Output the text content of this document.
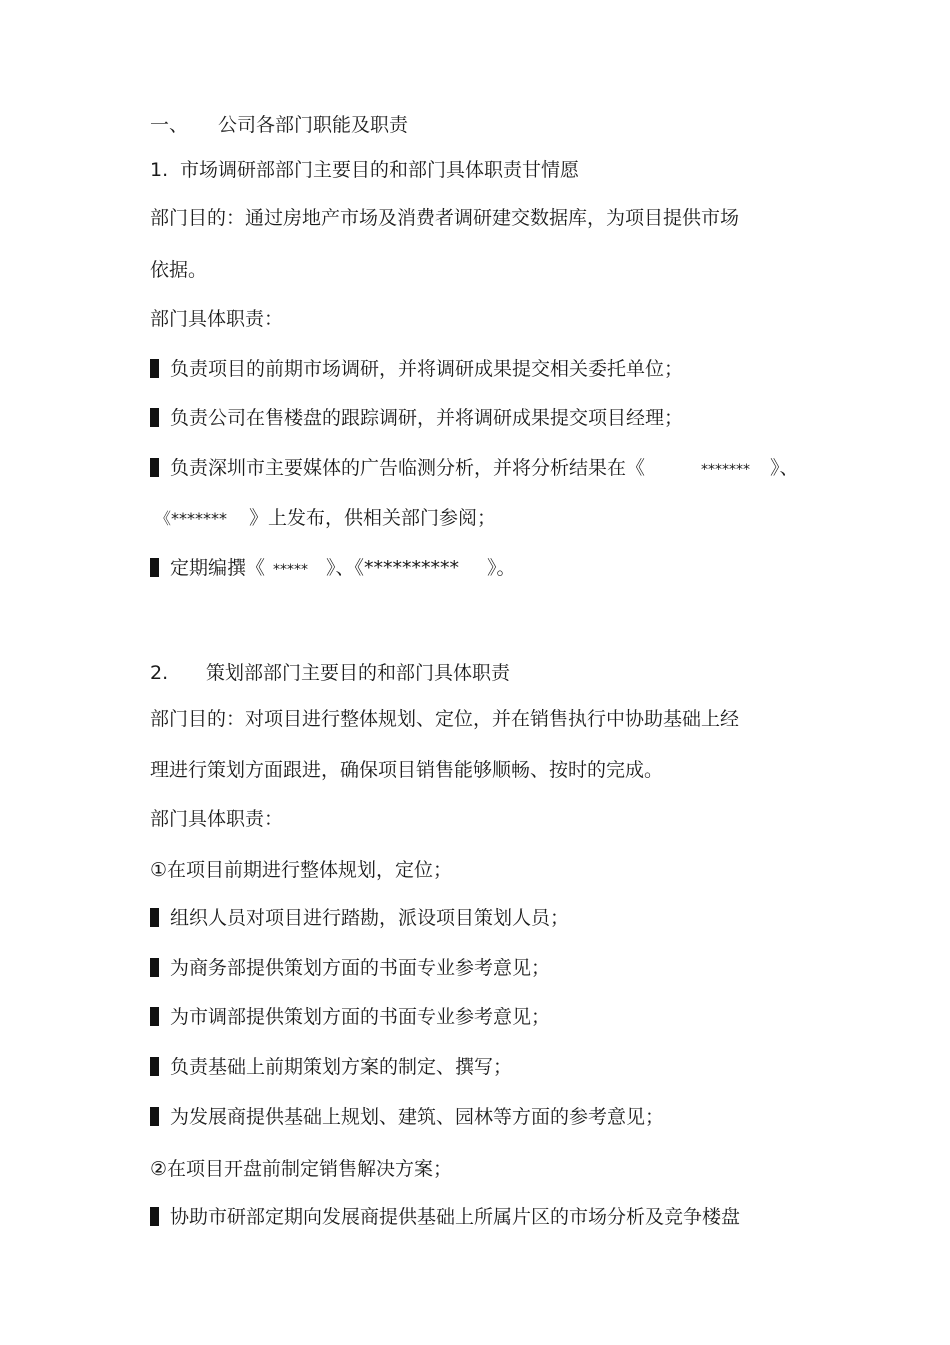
一、 公司各部门职能及职责
1. 市场调研部部门主要目的和部门具体职责甘情愿
部门目的：通过房地产市场及消费者调研建交数据库，为项目提供市场
依据。
部门具体职责：
负责项目的前期市场调研，并将调研成果提交相关委托单位；
负责公司在售楼盘的跟踪调研，并将调研成果提交项目经理；
负责深圳市主要媒体的广告临测分析，并将分析结果在《	******* 》、
《******* 》上发布，供相关部门参阅；
定期编撰《 ***** 》、《********** 》。
2. 策划部部门主要目的和部门具体职责
部门目的：对项目进行整体规划、定位，并在销售执行中协助基础上经
理进行策划方面跟进，确保项目销售能够顺畅、按时的完成。
部门具体职责：
①在项目前期进行整体规划，定位；
组织人员对项目进行踏勘，派设项目策划人员；
为商务部提供策划方面的书面专业参考意见；
为市调部提供策划方面的书面专业参考意见；
负责基础上前期策划方案的制定、撰写；
为发展商提供基础上规划、建筑、园林等方面的参考意见；
②在项目开盘前制定销售解决方案；
协助市研部定期向发展商提供基础上所属片区的市场分析及竞争楼盘
